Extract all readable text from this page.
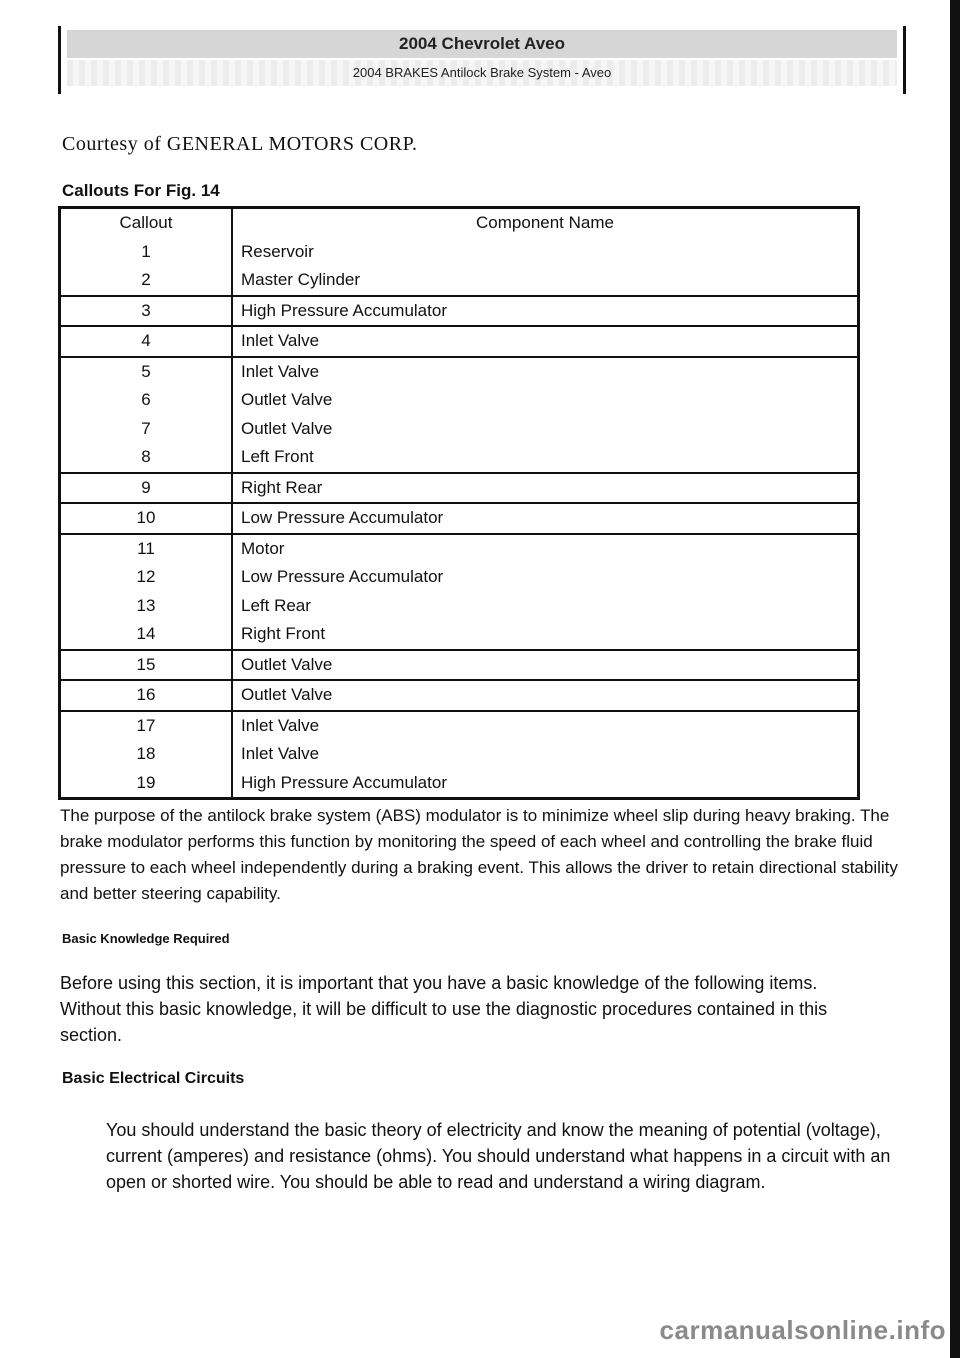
2004 Chevrolet Aveo
2004 BRAKES Antilock Brake System - Aveo
Courtesy of GENERAL MOTORS CORP.
Callouts For Fig. 14
Callout	Component Name
1	Reservoir
2	Master Cylinder
3	High Pressure Accumulator
4	Inlet Valve
5	Inlet Valve
6	Outlet Valve
7	Outlet Valve
8	Left Front
9	Right Rear
10	Low Pressure Accumulator
11	Motor
12	Low Pressure Accumulator
13	Left Rear
14	Right Front
15	Outlet Valve
16	Outlet Valve
17	Inlet Valve
18	Inlet Valve
19	High Pressure Accumulator
The purpose of the antilock brake system (ABS) modulator is to minimize wheel slip during heavy braking. The brake modulator performs this function by monitoring the speed of each wheel and controlling the brake fluid pressure to each wheel independently during a braking event. This allows the driver to retain directional stability and better steering capability.
Basic Knowledge Required
Before using this section, it is important that you have a basic knowledge of the following items. Without this basic knowledge, it will be difficult to use the diagnostic procedures contained in this section.
Basic Electrical Circuits
You should understand the basic theory of electricity and know the meaning of potential (voltage), current (amperes) and resistance (ohms). You should understand what happens in a circuit with an open or shorted wire. You should be able to read and understand a wiring diagram.
carmanualsonline.info
